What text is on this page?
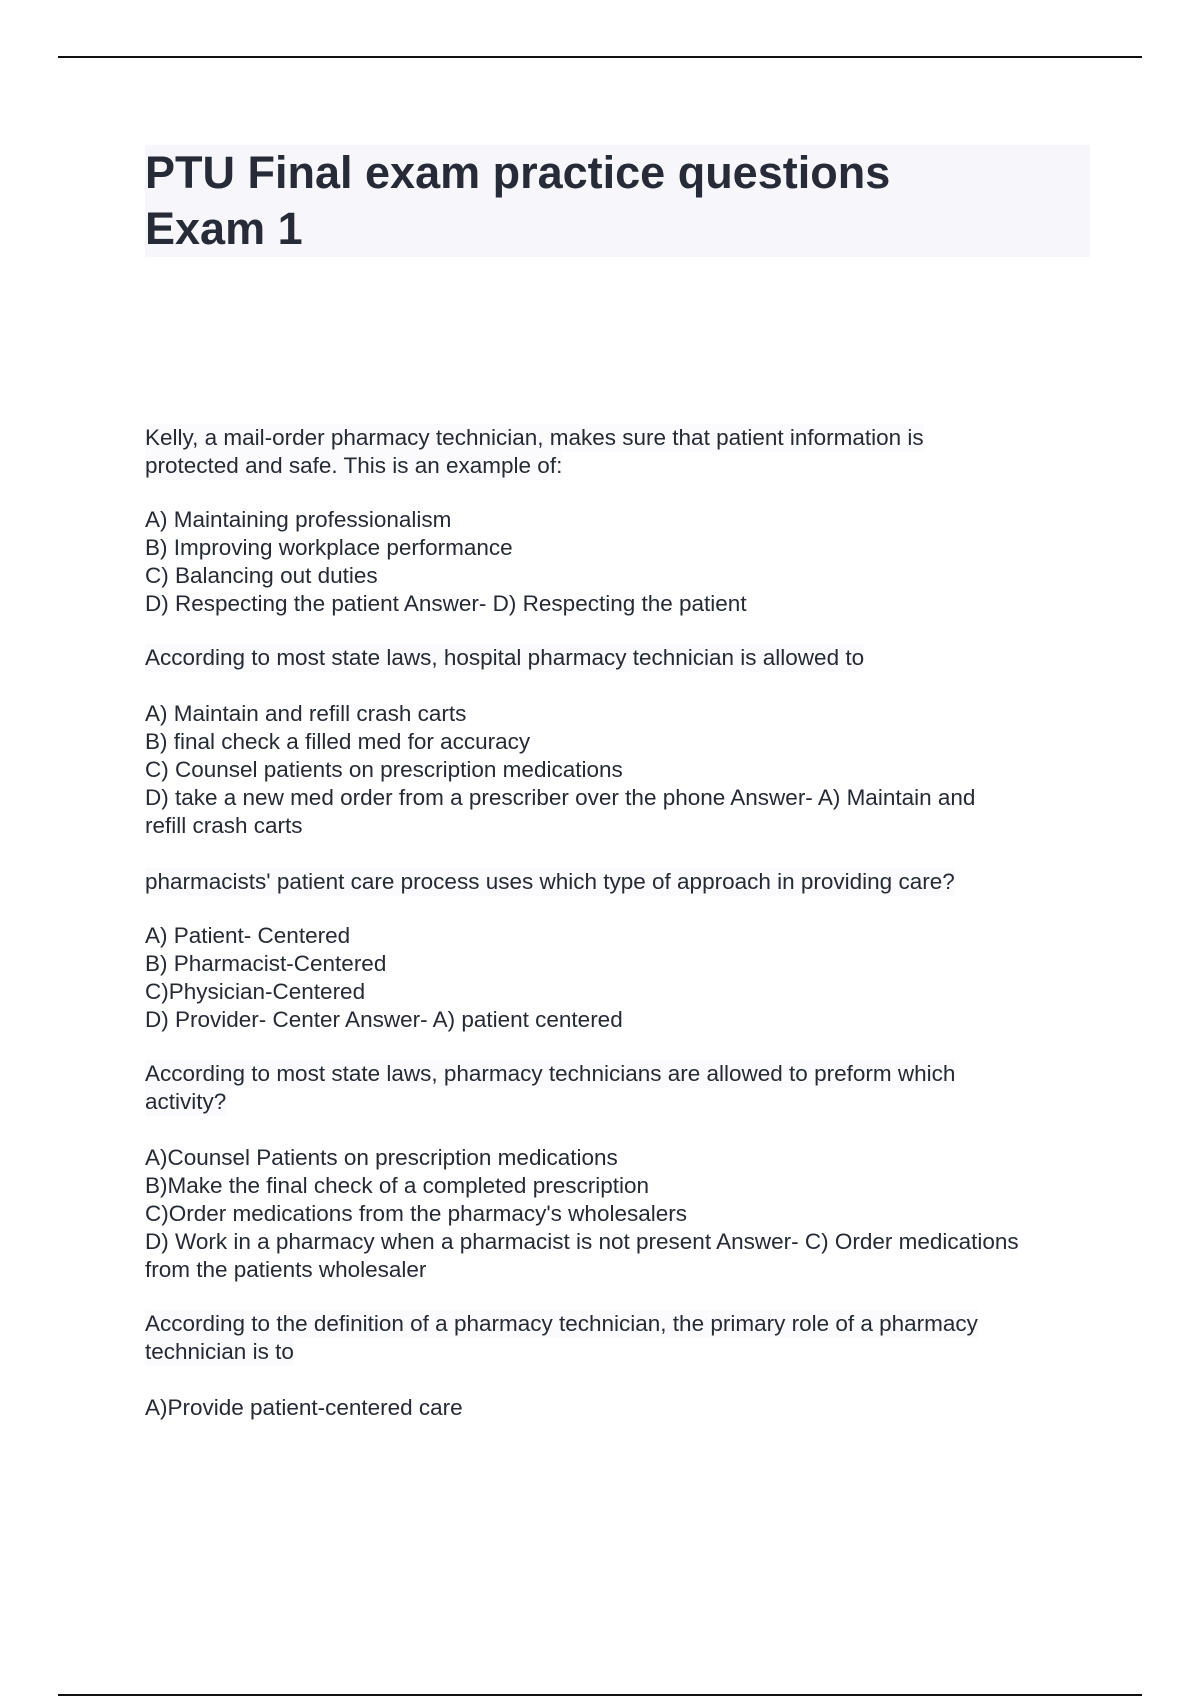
PTU Final exam practice questions
Exam 1
Kelly, a mail-order pharmacy technician, makes sure that patient information is
protected and safe. This is an example of:
A) Maintaining professionalism
B) Improving workplace performance
C) Balancing out duties
D) Respecting the patient Answer- D) Respecting the patient
According to most state laws, hospital pharmacy technician is allowed to
A) Maintain and refill crash carts
B) final check a filled med for accuracy
C) Counsel patients on prescription medications
D) take a new med order from a prescriber over the phone Answer- A) Maintain and
refill crash carts
pharmacists' patient care process uses which type of approach in providing care?
A) Patient- Centered
B) Pharmacist-Centered
C)Physician-Centered
D) Provider- Center Answer- A) patient centered
According to most state laws, pharmacy technicians are allowed to preform which
activity?
A)Counsel Patients on prescription medications
B)Make the final check of a completed prescription
C)Order medications from the pharmacy's wholesalers
D) Work in a pharmacy when a pharmacist is not present Answer- C) Order medications
from the patients wholesaler
According to the definition of a pharmacy technician, the primary role of a pharmacy
technician is to
A)Provide patient-centered care
